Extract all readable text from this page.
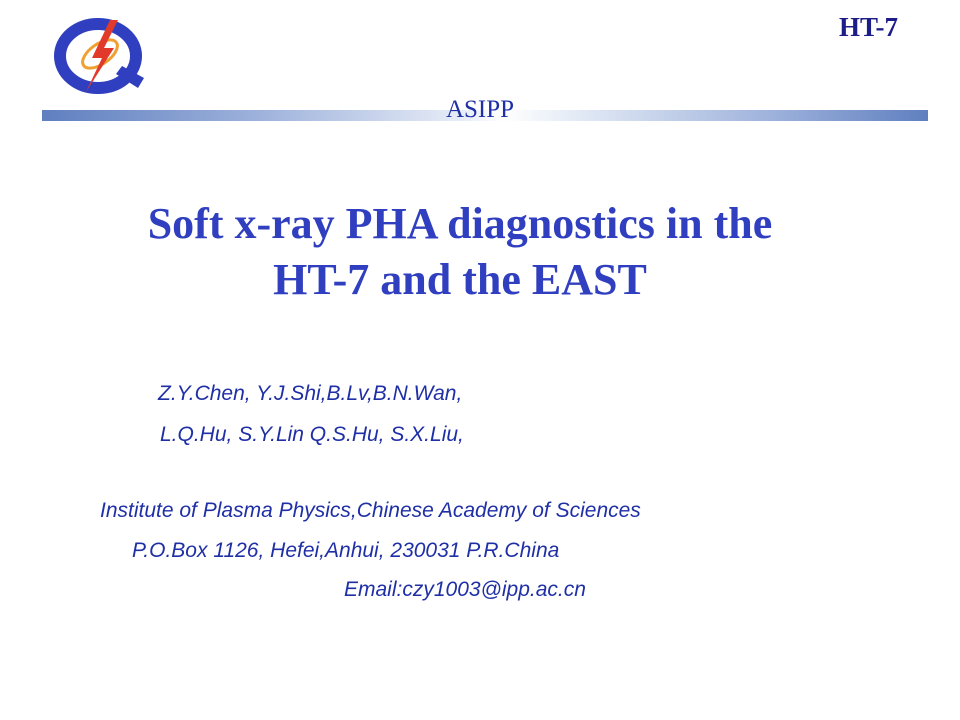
HT-7
ASIPP
Soft x-ray PHA diagnostics in the
HT-7 and the EAST
Z.Y.Chen, Y.J.Shi,B.Lv,B.N.Wan,
L.Q.Hu, S.Y.Lin Q.S.Hu, S.X.Liu,
Institute of Plasma Physics,Chinese Academy of Sciences
P.O.Box 1126, Hefei,Anhui, 230031 P.R.China
Email:czy1003@ipp.ac.cn
